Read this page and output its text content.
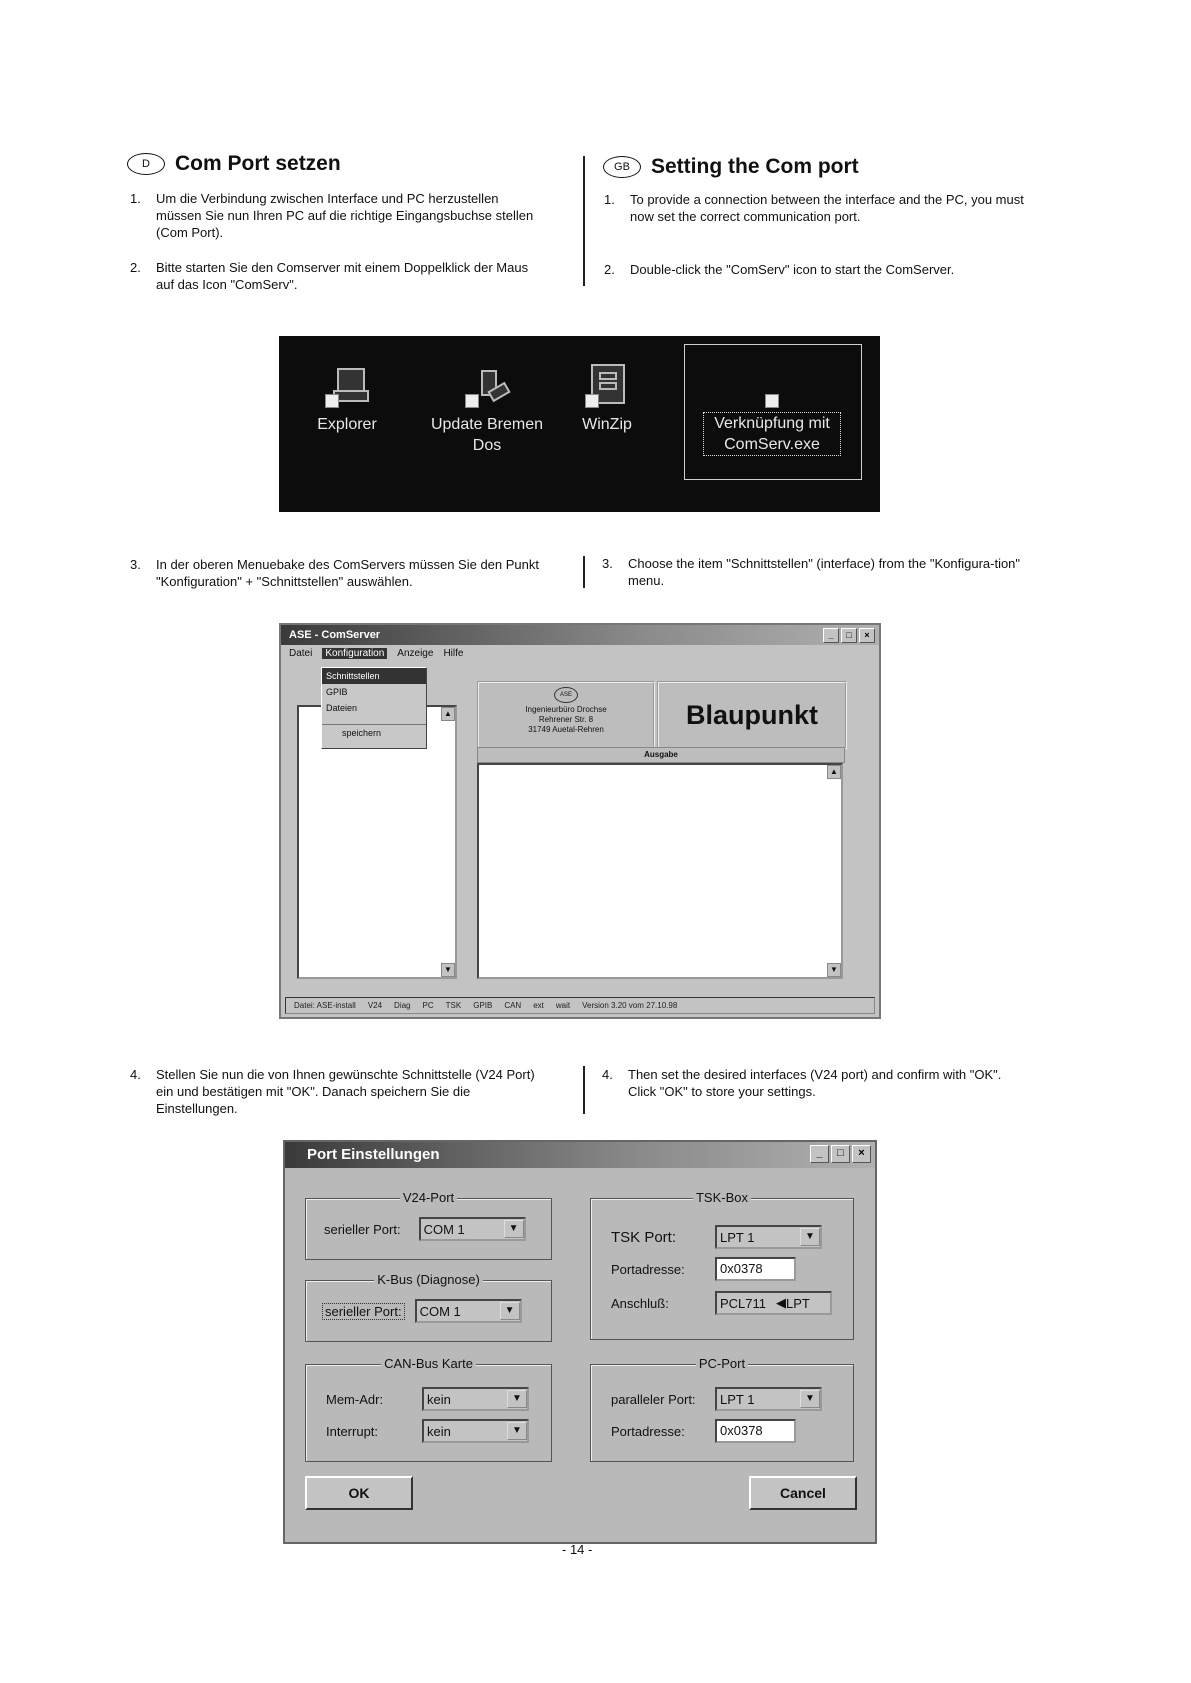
D	Com Port setzen	GB	Setting the Com port
1.	Um die Verbindung zwischen Interface und PC herzustellen müssen Sie nun Ihren PC auf die richtige Eingangsbuchse stellen (Com Port).
2.	Bitte starten Sie den Comserver mit einem Doppelklick der Maus auf das Icon "ComServ".
1.	To provide a connection between the interface and the PC, you must now set the correct communication port.
2.	Double-click the "ComServ" icon to start the ComServer.
Explorer	Update Bremen Dos
WinZip	Verknüpfung mit ComServ.exe
3.	In der oberen Menuebake des ComServers müssen Sie den Punkt "Konfiguration" + "Schnittstellen" auswählen.
3.	Choose the item "Schnittstellen" (interface) from the "Konfigura-tion" menu.
ASE - ComServer	_	□	×
Datei	Konfiguration	Anzeige Hilfe
▲
▼
Schnittstellen
GPIB
Dateien
speichern
ASE
Ingenieurbüro Drochse
Rehrener Str. 8
31749 Auetal-Rehren	Blaupunkt
Ausgabe
▲
▼
Datei: ASE-install V24 Diag PC TSK GPIB CAN ext wait Version 3.20 vom 27.10.98
4.	Stellen Sie nun die von Ihnen gewünschte Schnittstelle (V24 Port) ein und bestätigen mit "OK". Danach speichern Sie die Einstellungen.
4.	Then set the desired interfaces (V24 port) and confirm with "OK". Click "OK" to store your settings.
Port Einstellungen	_	□	×
V24-Port
serieller Port: COM 1	▼
K-Bus (Diagnose)
serieller Port: COM 1	▼
CAN-Bus Karte
Mem-Adr:	kein	▼
Interrupt:	kein	▼
TSK-Box
TSK Port:	LPT 1	▼
Portadresse:	0x0378
Anschluß:	PCL711 ◀ LPT
PC-Port
paralleler Port:	LPT 1	▼
Portadresse:	0x0378
OK	Cancel
- 14 -
